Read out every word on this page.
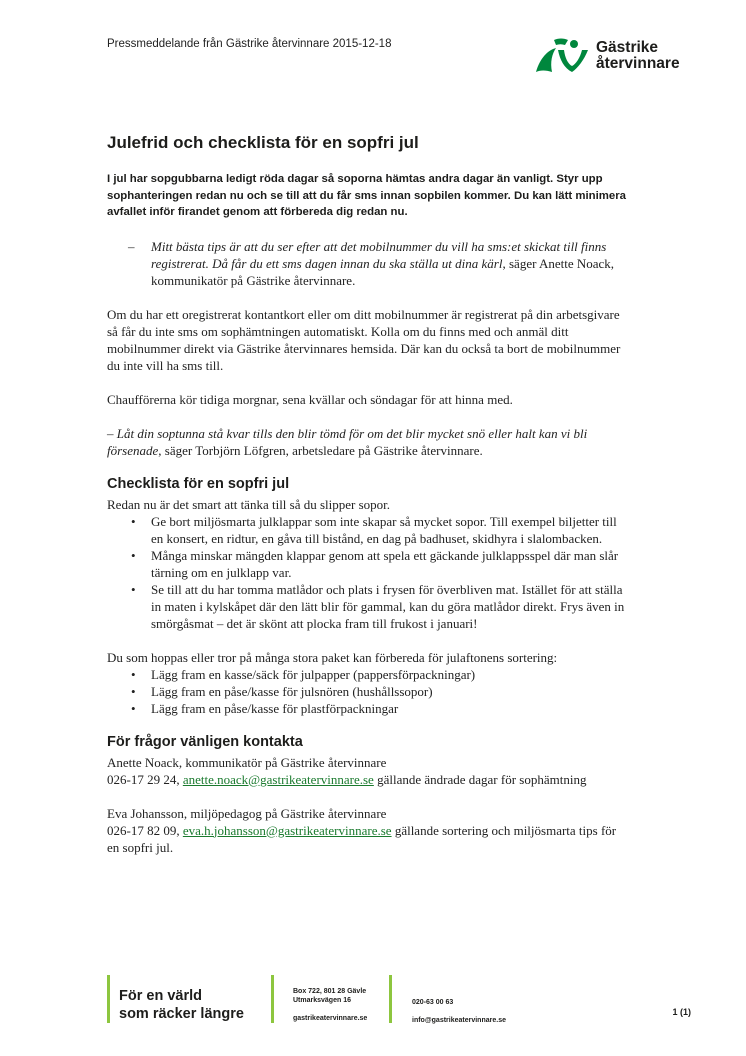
Pressmeddelande från Gästrike återvinnare 2015-12-18	Gästrike
återvinnare
Julefrid och checklista för en sopfri jul
I jul har sopgubbarna ledigt röda dagar så soporna hämtas andra dagar än vanligt. Styr upp sophanteringen redan nu och se till att du får sms innan sopbilen kommer. Du kan lätt minimera avfallet inför firandet genom att förbereda dig redan nu.
– Mitt bästa tips är att du ser efter att det mobilnummer du vill ha sms:et skickat till finns registrerat. Då får du ett sms dagen innan du ska ställa ut dina kärl, säger Anette Noack, kommunikatör på Gästrike återvinnare.

Om du har ett oregistrerat kontantkort eller om ditt mobilnummer är registrerat på din arbetsgivare så får du inte sms om sophämtningen automatiskt. Kolla om du finns med och anmäl ditt mobilnummer direkt via Gästrike återvinnares hemsida. Där kan du också ta bort de mobilnummer du inte vill ha sms till.

Chaufförerna kör tidiga morgnar, sena kvällar och söndagar för att hinna med.

– Låt din soptunna stå kvar tills den blir tömd för om det blir mycket snö eller halt kan vi bli försenade, säger Torbjörn Löfgren, arbetsledare på Gästrike återvinnare.

Checklista för en sopfri jul

Redan nu är det smart att tänka till så du slipper sopor.

• Ge bort miljösmarta julklappar som inte skapar så mycket sopor. Till exempel biljetter till en konsert, en ridtur, en gåva till bistånd, en dag på badhuset, skidhyra i slalombacken.
• Många minskar mängden klappar genom att spela ett gäckande julklappsspel där man slår tärning om en julklapp var.
• Se till att du har tomma matlådor och plats i frysen för överbliven mat. Istället för att ställa in maten i kylskåpet där den lätt blir för gammal, kan du göra matlådor direkt. Frys även in smörgåsmat – det är skönt att plocka fram till frukost i januari!

Du som hoppas eller tror på många stora paket kan förbereda för julaftonens sortering:

• Lägg fram en kasse/säck för julpapper (pappersförpackningar)
• Lägg fram en påse/kasse för julsnören (hushållssopor)
• Lägg fram en påse/kasse för plastförpackningar
För frågor vänligen kontakta

Anette Noack, kommunikatör på Gästrike återvinnare

026-17 29 24, anette.noack@gastrikeatervinnare.se gällande ändrade dagar för sophämtning

Eva Johansson, miljöpedagog på Gästrike återvinnare

026-17 82 09, eva.h.johansson@gastrikeatervinnare.se gällande sortering och miljösmarta tips för en sopfri jul.

För en värld
som räcker längre
Box 722, 801 28 Gävle
Utmarksvägen 16
gastrikeatervinnare.se
020-63 00 63
info@gastrikeatervinnare.se
1 (1)
